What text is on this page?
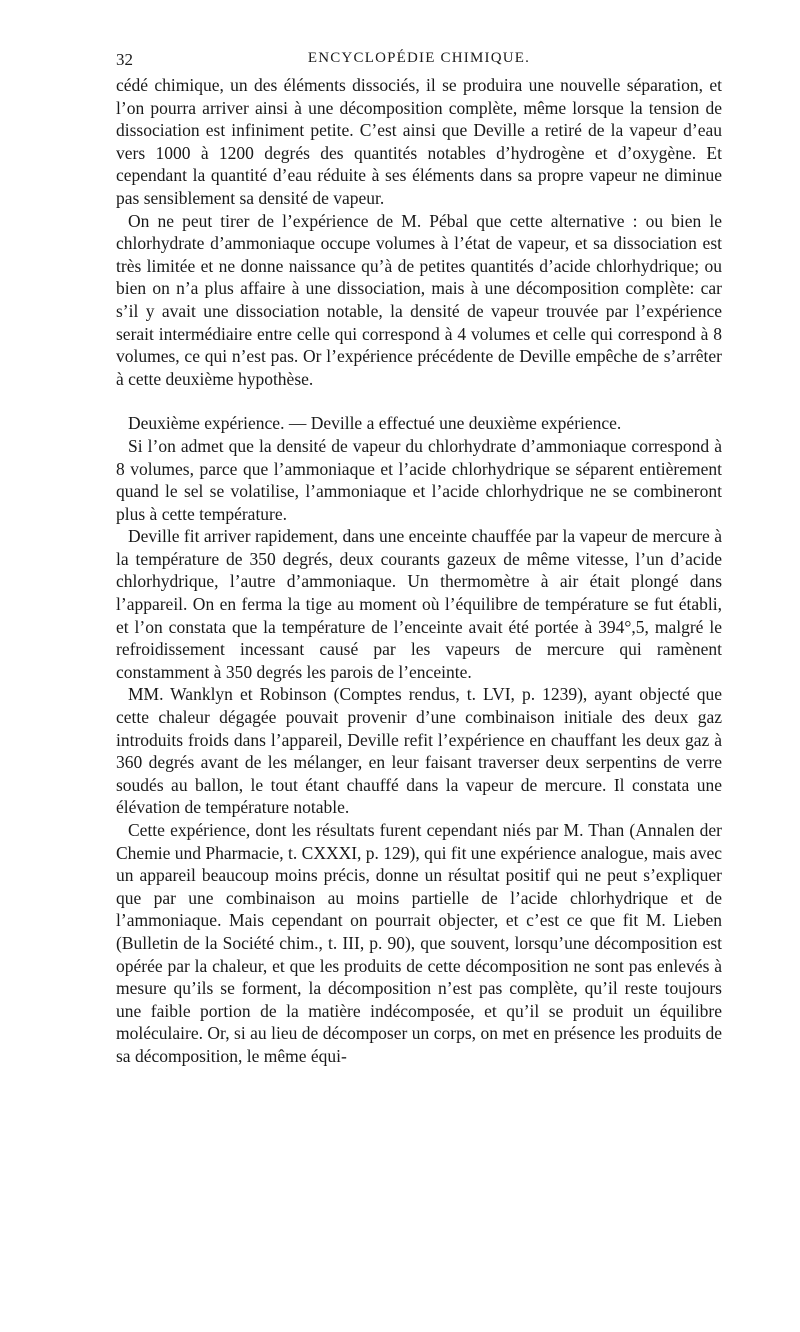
32	ENCYCLOPÉDIE CHIMIQUE.

cédé chimique, un des éléments dissociés, il se produira une nouvelle séparation, et l’on pourra arriver ainsi à une décomposition complète, même lorsque la tension de dissociation est infiniment petite. C’est ainsi que Deville a retiré de la vapeur d’eau vers 1000 à 1200 degrés des quantités notables d’hydrogène et d’oxygène. Et cependant la quantité d’eau réduite à ses éléments dans sa propre vapeur ne diminue pas sensiblement sa densité de vapeur.

On ne peut tirer de l’expérience de M. Pébal que cette alternative : ou bien le chlorhydrate d’ammoniaque occupe volumes à l’état de vapeur, et sa dissociation est très limitée et ne donne naissance qu’à de petites quantités d’acide chlorhydrique; ou bien on n’a plus affaire à une dissociation, mais à une décomposition complète: car s’il y avait une dissociation notable, la densité de vapeur trouvée par l’expérience serait intermédiaire entre celle qui correspond à 4 volumes et celle qui correspond à 8 volumes, ce qui n’est pas. Or l’expérience précédente de Deville empêche de s’arrêter à cette deuxième hypothèse.

Deuxième expérience. — Deville a effectué une deuxième expérience.

Si l’on admet que la densité de vapeur du chlorhydrate d’ammoniaque correspond à 8 volumes, parce que l’ammoniaque et l’acide chlorhydrique se séparent entièrement quand le sel se volatilise, l’ammoniaque et l’acide chlorhydrique ne se combineront plus à cette température.

Deville fit arriver rapidement, dans une enceinte chauffée par la vapeur de mercure à la température de 350 degrés, deux courants gazeux de même vitesse, l’un d’acide chlorhydrique, l’autre d’ammoniaque. Un thermomètre à air était plongé dans l’appareil. On en ferma la tige au moment où l’équilibre de température se fut établi, et l’on constata que la température de l’enceinte avait été portée à 394°,5, malgré le refroidissement incessant causé par les vapeurs de mercure qui ramènent constamment à 350 degrés les parois de l’enceinte.

MM. Wanklyn et Robinson (Comptes rendus, t. LVI, p. 1239), ayant objecté que cette chaleur dégagée pouvait provenir d’une combinaison initiale des deux gaz introduits froids dans l’appareil, Deville refit l’expérience en chauffant les deux gaz à 360 degrés avant de les mélanger, en leur faisant traverser deux serpentins de verre soudés au ballon, le tout étant chauffé dans la vapeur de mercure. Il constata une élévation de température notable.

Cette expérience, dont les résultats furent cependant niés par M. Than (Annalen der Chemie und Pharmacie, t. CXXXI, p. 129), qui fit une expérience analogue, mais avec un appareil beaucoup moins précis, donne un résultat positif qui ne peut s’expliquer que par une combinaison au moins partielle de l’acide chlorhydrique et de l’ammoniaque. Mais cependant on pourrait objecter, et c’est ce que fit M. Lieben (Bulletin de la Société chim., t. III, p. 90), que souvent, lorsqu’une décomposition est opérée par la chaleur, et que les produits de cette décomposition ne sont pas enlevés à mesure qu’ils se forment, la décomposition n’est pas complète, qu’il reste toujours une faible portion de la matière indécomposée, et qu’il se produit un équilibre moléculaire. Or, si au lieu de décomposer un corps, on met en présence les produits de sa décomposition, le même équi-
